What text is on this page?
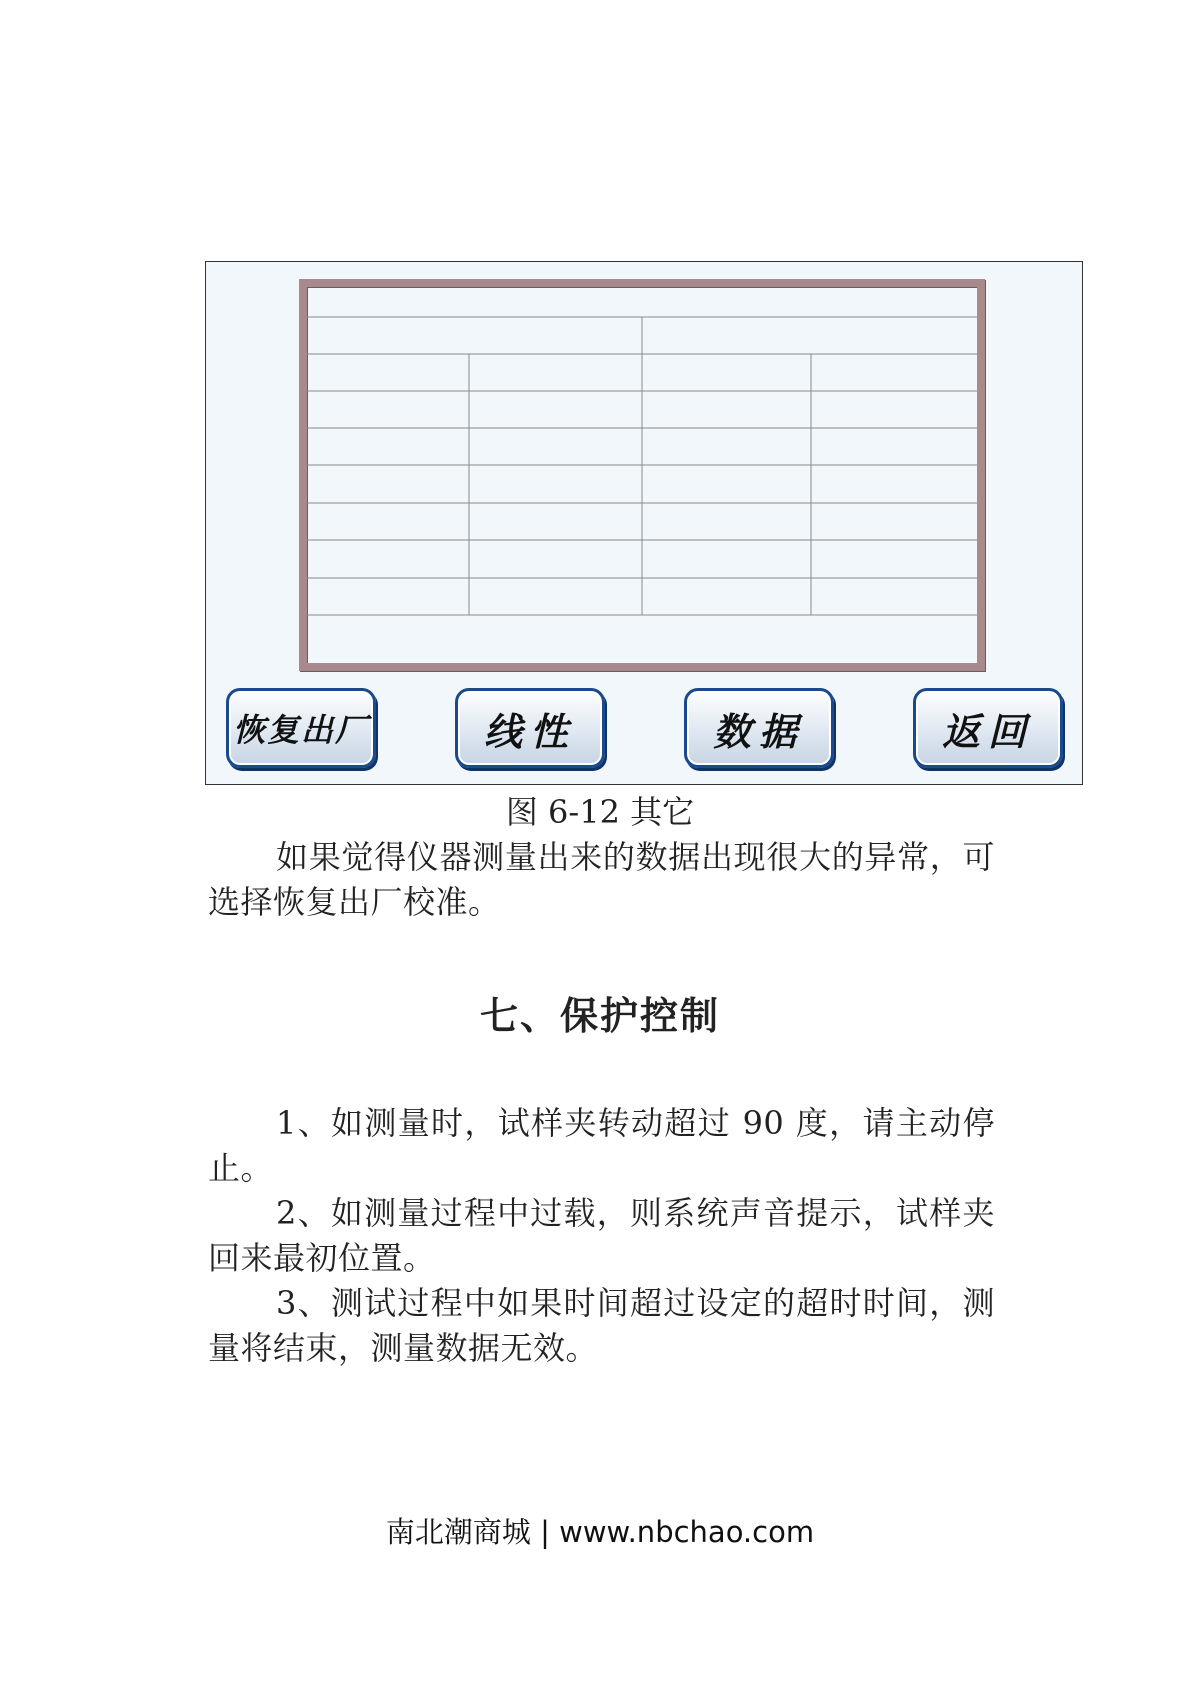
恢复出厂	线性	数据	返回
图 6-12 其它

如果觉得仪器测量出来的数据出现很大的异常，可选择恢复出厂校准。

七、保护控制

1、如测量时，试样夹转动超过 90 度，请主动停止。

2、如测量过程中过载，则系统声音提示，试样夹回来最初位置。

3、测试过程中如果时间超过设定的超时时间，测量将结束，测量数据无效。

南北潮商城 | www.nbchao.com
